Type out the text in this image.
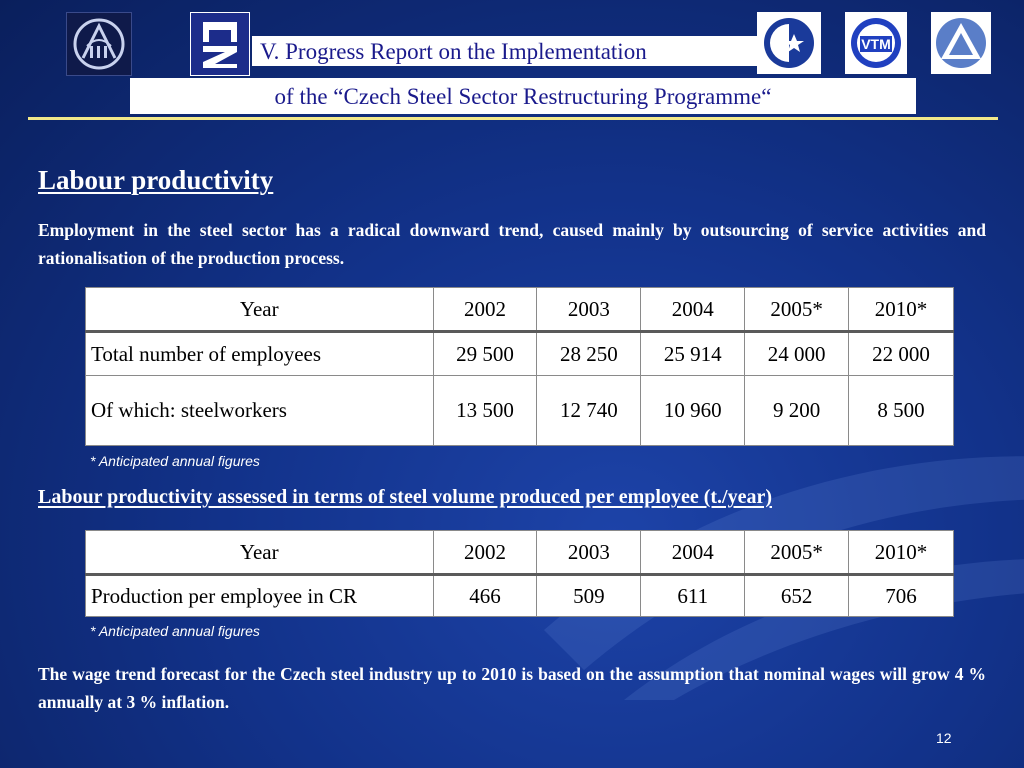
V. Progress Report on the Implementation	VTM
of the “Czech Steel Sector Restructuring Programme“
Labour productivity
Employment in the steel sector has a radical downward trend, caused mainly by outsourcing of service activities and rationalisation of the production process.
Year	2002	2003	2004	2005*	2010*
Total number of employees	29 500	28 250	25 914	24 000	22 000
Of which: steelworkers	13 500	12 740	10 960	9 200	8 500
* Anticipated annual figures
Labour productivity assessed in terms of steel volume produced per employee (t./year)
Year	2002	2003	2004	2005*	2010*
Production per employee in CR	466	509	611	652	706
* Anticipated annual figures
The wage trend forecast for the Czech steel industry up to 2010 is based on the assumption that nominal wages will grow 4 % annually at 3 % inflation.
12
